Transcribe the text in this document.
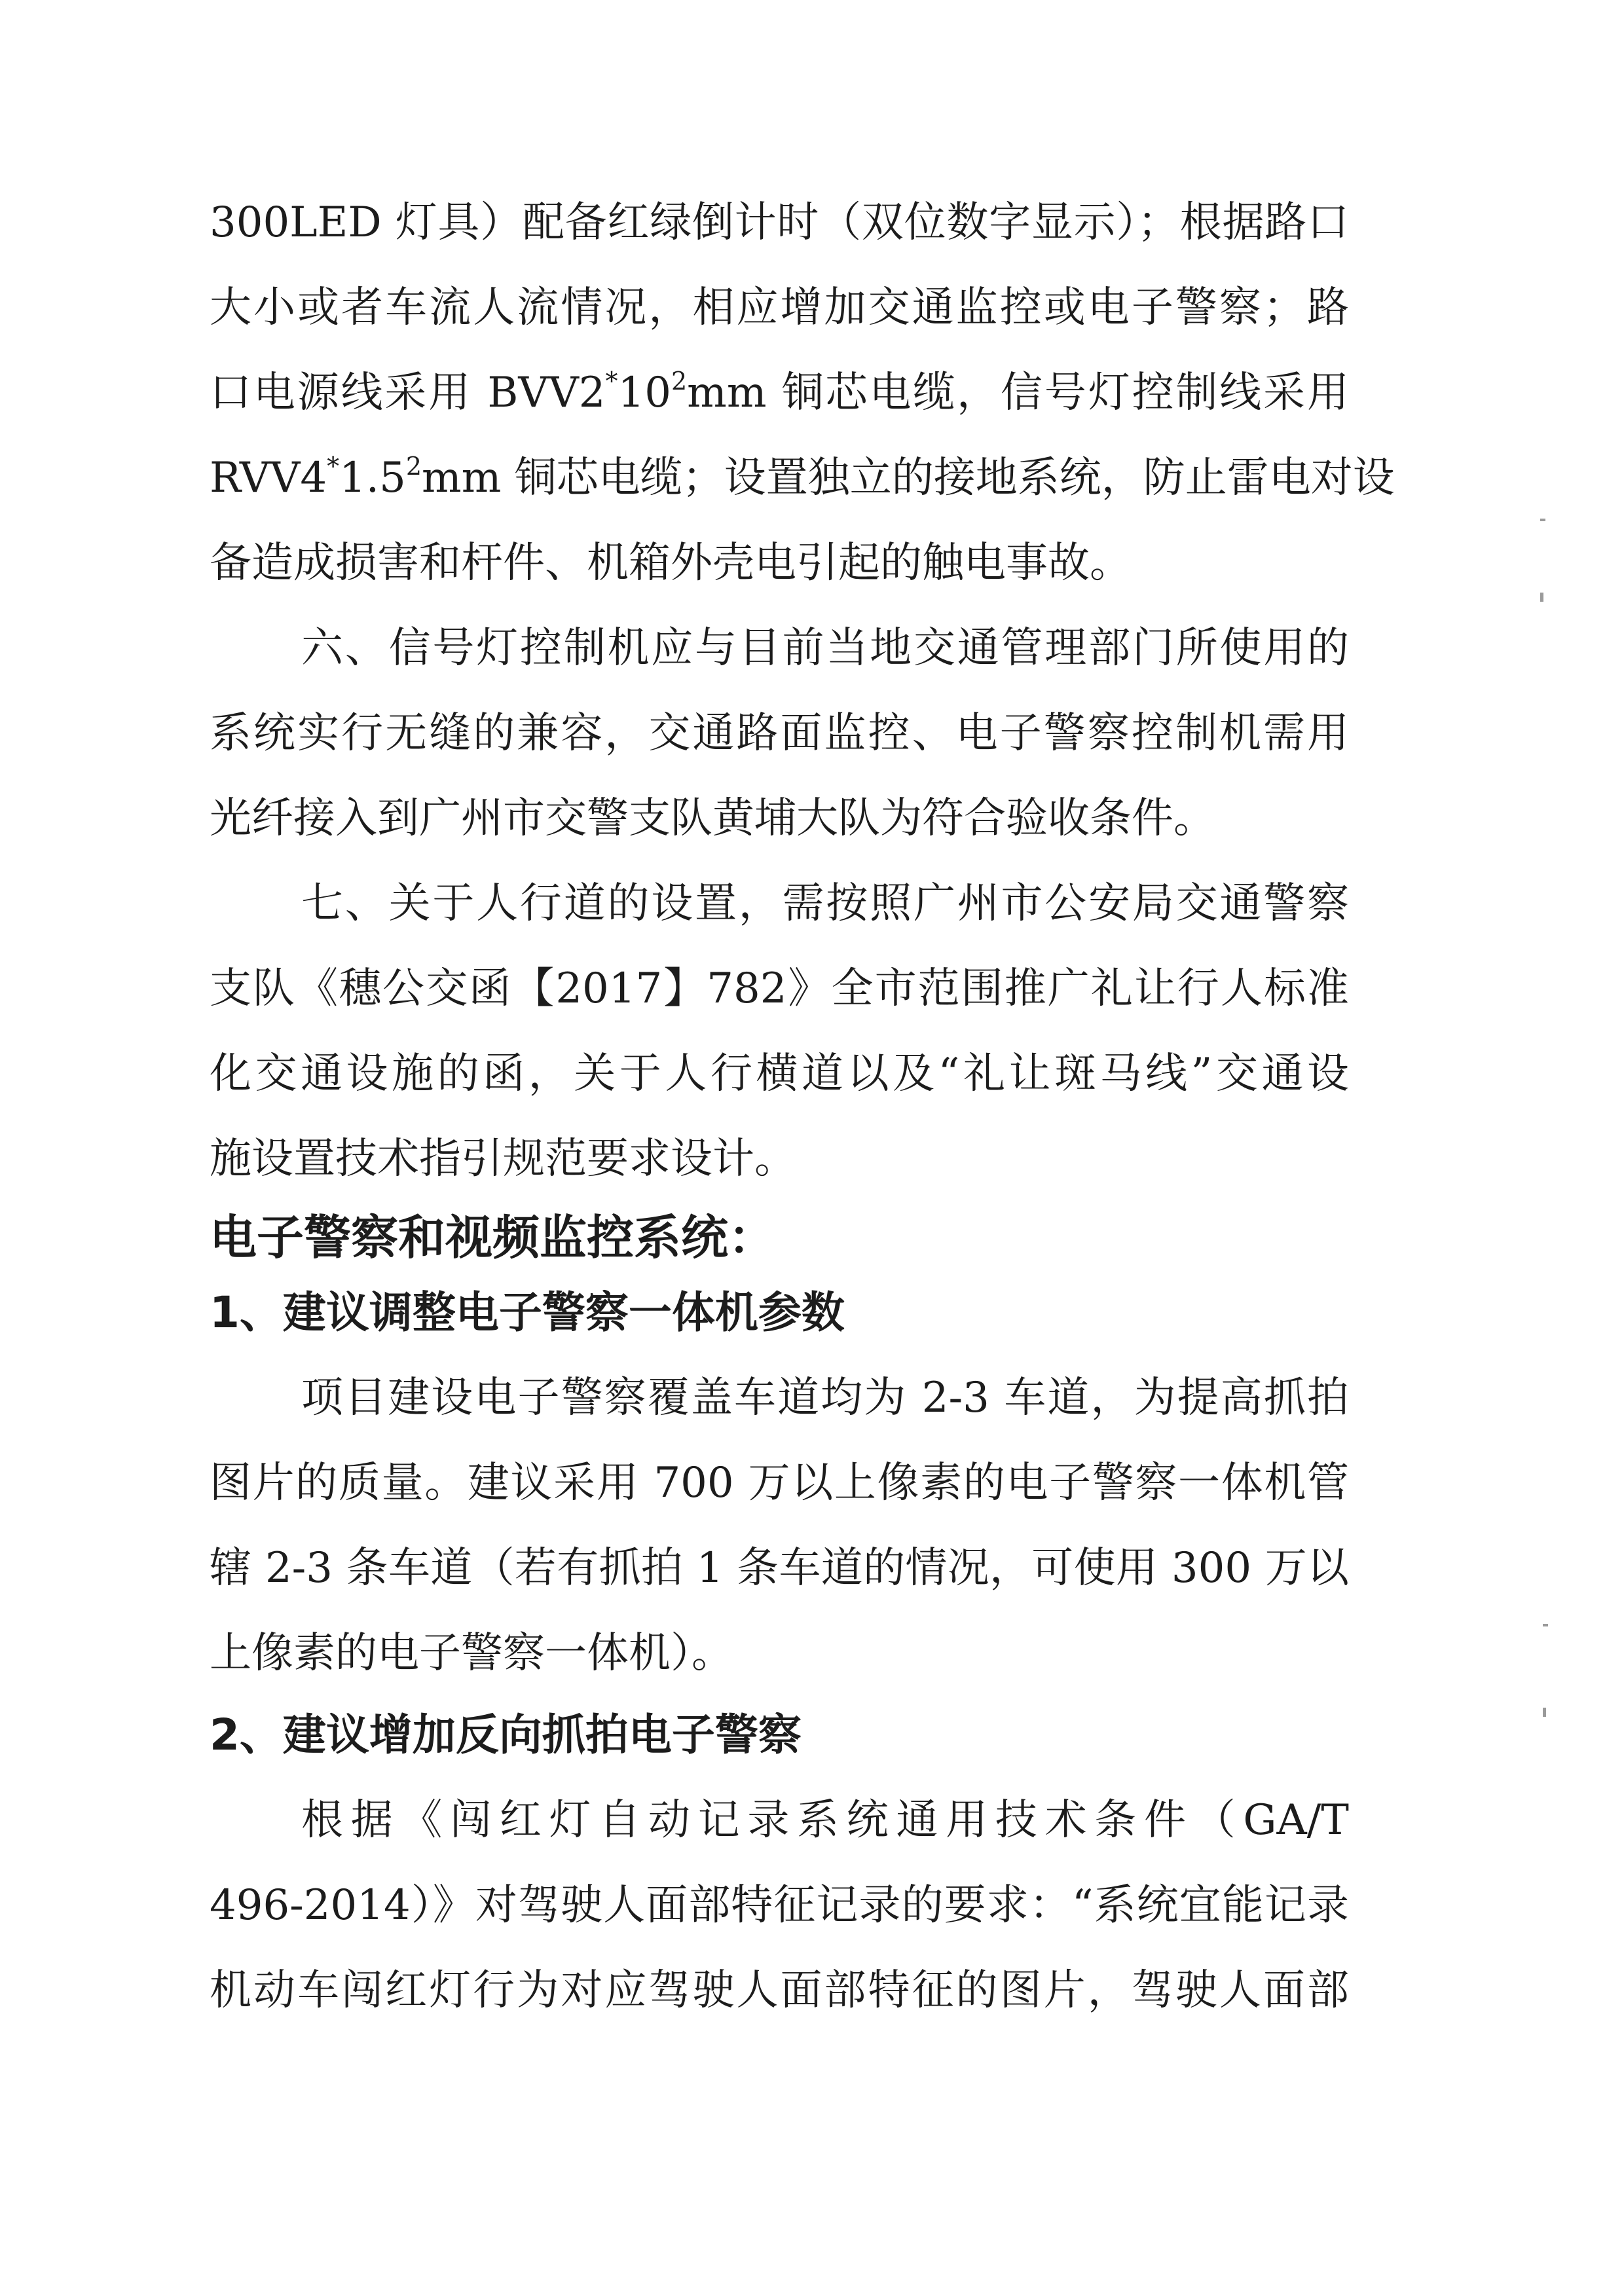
300LED 灯具）配备红绿倒计时（双位数字显示）；根据路口
大小或者车流人流情况，相应增加交通监控或电子警察；路
口电源线采用 $BVV2^*10^2mm$ 铜芯电缆，信号灯控制线采用
$RVV4^*1.5^2mm$ 铜芯电缆；设置独立的接地系统，防止雷电对设
备造成损害和杆件、机箱外壳电引起的触电事故。
六、信号灯控制机应与目前当地交通管理部门所使用的
系统实行无缝的兼容，交通路面监控、电子警察控制机需用
光纤接入到广州市交警支队黄埔大队为符合验收条件。
七、关于人行道的设置，需按照广州市公安局交通警察
支队《穗公交函【2017】782》全市范围推广礼让行人标准
化交通设施的函，关于人行横道以及“礼让斑马线”交通设
施设置技术指引规范要求设计。
电子警察和视频监控系统：
1、建议调整电子警察一体机参数
项目建设电子警察覆盖车道均为 2-3 车道，为提高抓拍
图片的质量。建议采用 700 万以上像素的电子警察一体机管
辖 2-3 条车道（若有抓拍 1 条车道的情况，可使用 300 万以
上像素的电子警察一体机）。
2、建议增加反向抓拍电子警察
根据《闯红灯自动记录系统通用技术条件（GA/T
496-2014）》对驾驶人面部特征记录的要求：“系统宜能记录
机动车闯红灯行为对应驾驶人面部特征的图片，驾驶人面部
